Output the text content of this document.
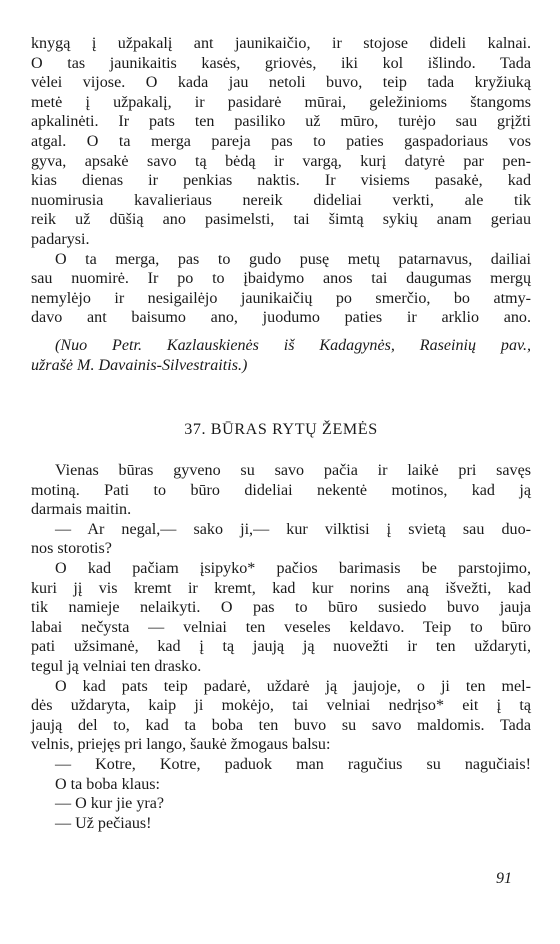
knygą į užpakalį ant jaunikaičio, ir stojose dideli kalnai.
O tas jaunikaitis kasės, griovės, iki kol išlindo. Tada
vėlei vijose. O kada jau netoli buvo, teip tada kryžiuką
metė į užpakalį, ir pasidarė mūrai, geležinioms štangoms
apkalinėti. Ir pats ten pasiliko už mūro, turėjo sau grįžti
atgal. O ta merga pareja pas to paties gaspadoriaus vos
gyva, apsakė savo tą bėdą ir vargą, kurį datyrė par pen-
kias dienas ir penkias naktis. Ir visiems pasakė, kad
nuomirusia kavalieriaus nereik dideliai verkti, ale tik
reik už dūšią ano pasimelsti, tai šimtą sykių anam geriau
padarysi.
O ta merga, pas to gudo pusę metų patarnavus, dailiai
sau nuomirė. Ir po to įbaidymo anos tai daugumas mergų
nemylėjo ir nesigailėjo jaunikaičių po smerčio, bo atmy-
davo ant baisumo ano, juodumo paties ir arklio ano.
(Nuo Petr. Kazlauskienės iš Kadagynės, Raseinių pav.,
užrašė M. Davainis-Silvestraitis.)
37. BŪRAS RYTŲ ŽEMĖS
Vienas būras gyveno su savo pačia ir laikė pri savęs
motiną. Pati to būro dideliai nekentė motinos, kad ją
darmais maitin.
— Ar negal,— sako ji,— kur vilktisi į svietą sau duo-
nos storotis?
O kad pačiam įsipyko* pačios barimasis be parstojimo,
kuri jį vis kremt ir kremt, kad kur norins aną išvežti, kad
tik namieje nelaikyti. O pas to būro susiedo buvo jauja
labai nečysta — velniai ten veseles keldavo. Teip to būro
pati užsimanė, kad į tą jaują ją nuovežti ir ten uždaryti,
tegul ją velniai ten drasko.
O kad pats teip padarė, uždarė ją jaujoje, o ji ten mel-
dės uždaryta, kaip ji mokėjo, tai velniai nedrįso* eit į tą
jaują del to, kad ta boba ten buvo su savo maldomis. Tada
velnis, priejęs pri lango, šaukė žmogaus balsu:
— Kotre, Kotre, paduok man ragučius su nagučiais!
O ta boba klaus:
— O kur jie yra?
— Už pečiaus!
91
